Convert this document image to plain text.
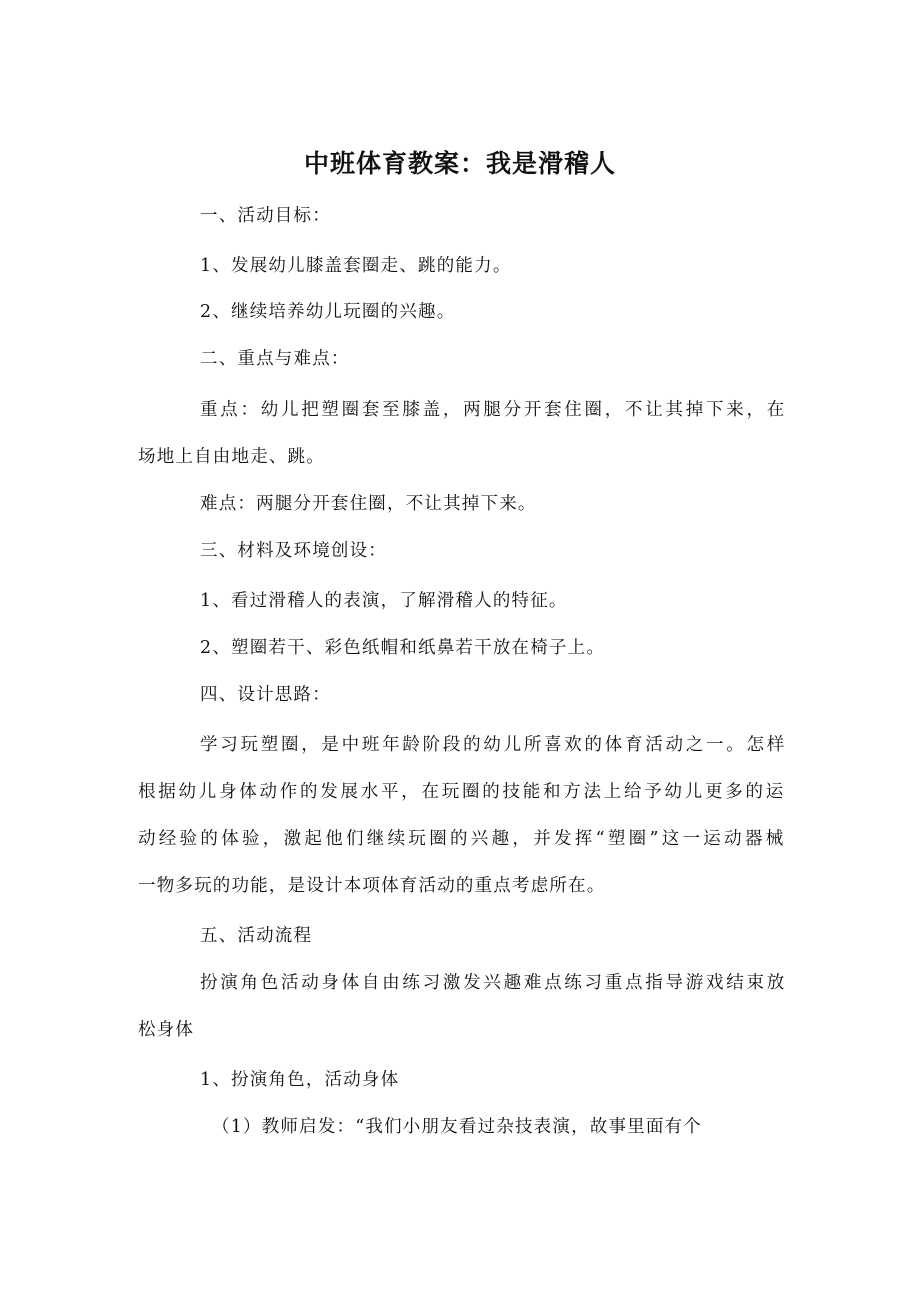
中班体育教案：我是滑稽人

一、活动目标：

1、发展幼儿膝盖套圈走、跳的能力。

2、继续培养幼儿玩圈的兴趣。

二、重点与难点：

重点：幼儿把塑圈套至膝盖，两腿分开套住圈，不让其掉下来，在

场地上自由地走、跳。

难点：两腿分开套住圈，不让其掉下来。

三、材料及环境创设：

1、看过滑稽人的表演，了解滑稽人的特征。

2、塑圈若干、彩色纸帽和纸鼻若干放在椅子上。

四、设计思路：

学习玩塑圈，是中班年龄阶段的幼儿所喜欢的体育活动之一。怎样

根据幼儿身体动作的发展水平，在玩圈的技能和方法上给予幼儿更多的运

动经验的体验，激起他们继续玩圈的兴趣，并发挥“塑圈”这一运动器械

一物多玩的功能，是设计本项体育活动的重点考虑所在。

五、活动流程

扮演角色活动身体自由练习激发兴趣难点练习重点指导游戏结束放

松身体

1、扮演角色，活动身体

（1）教师启发：“我们小朋友看过杂技表演，故事里面有个
